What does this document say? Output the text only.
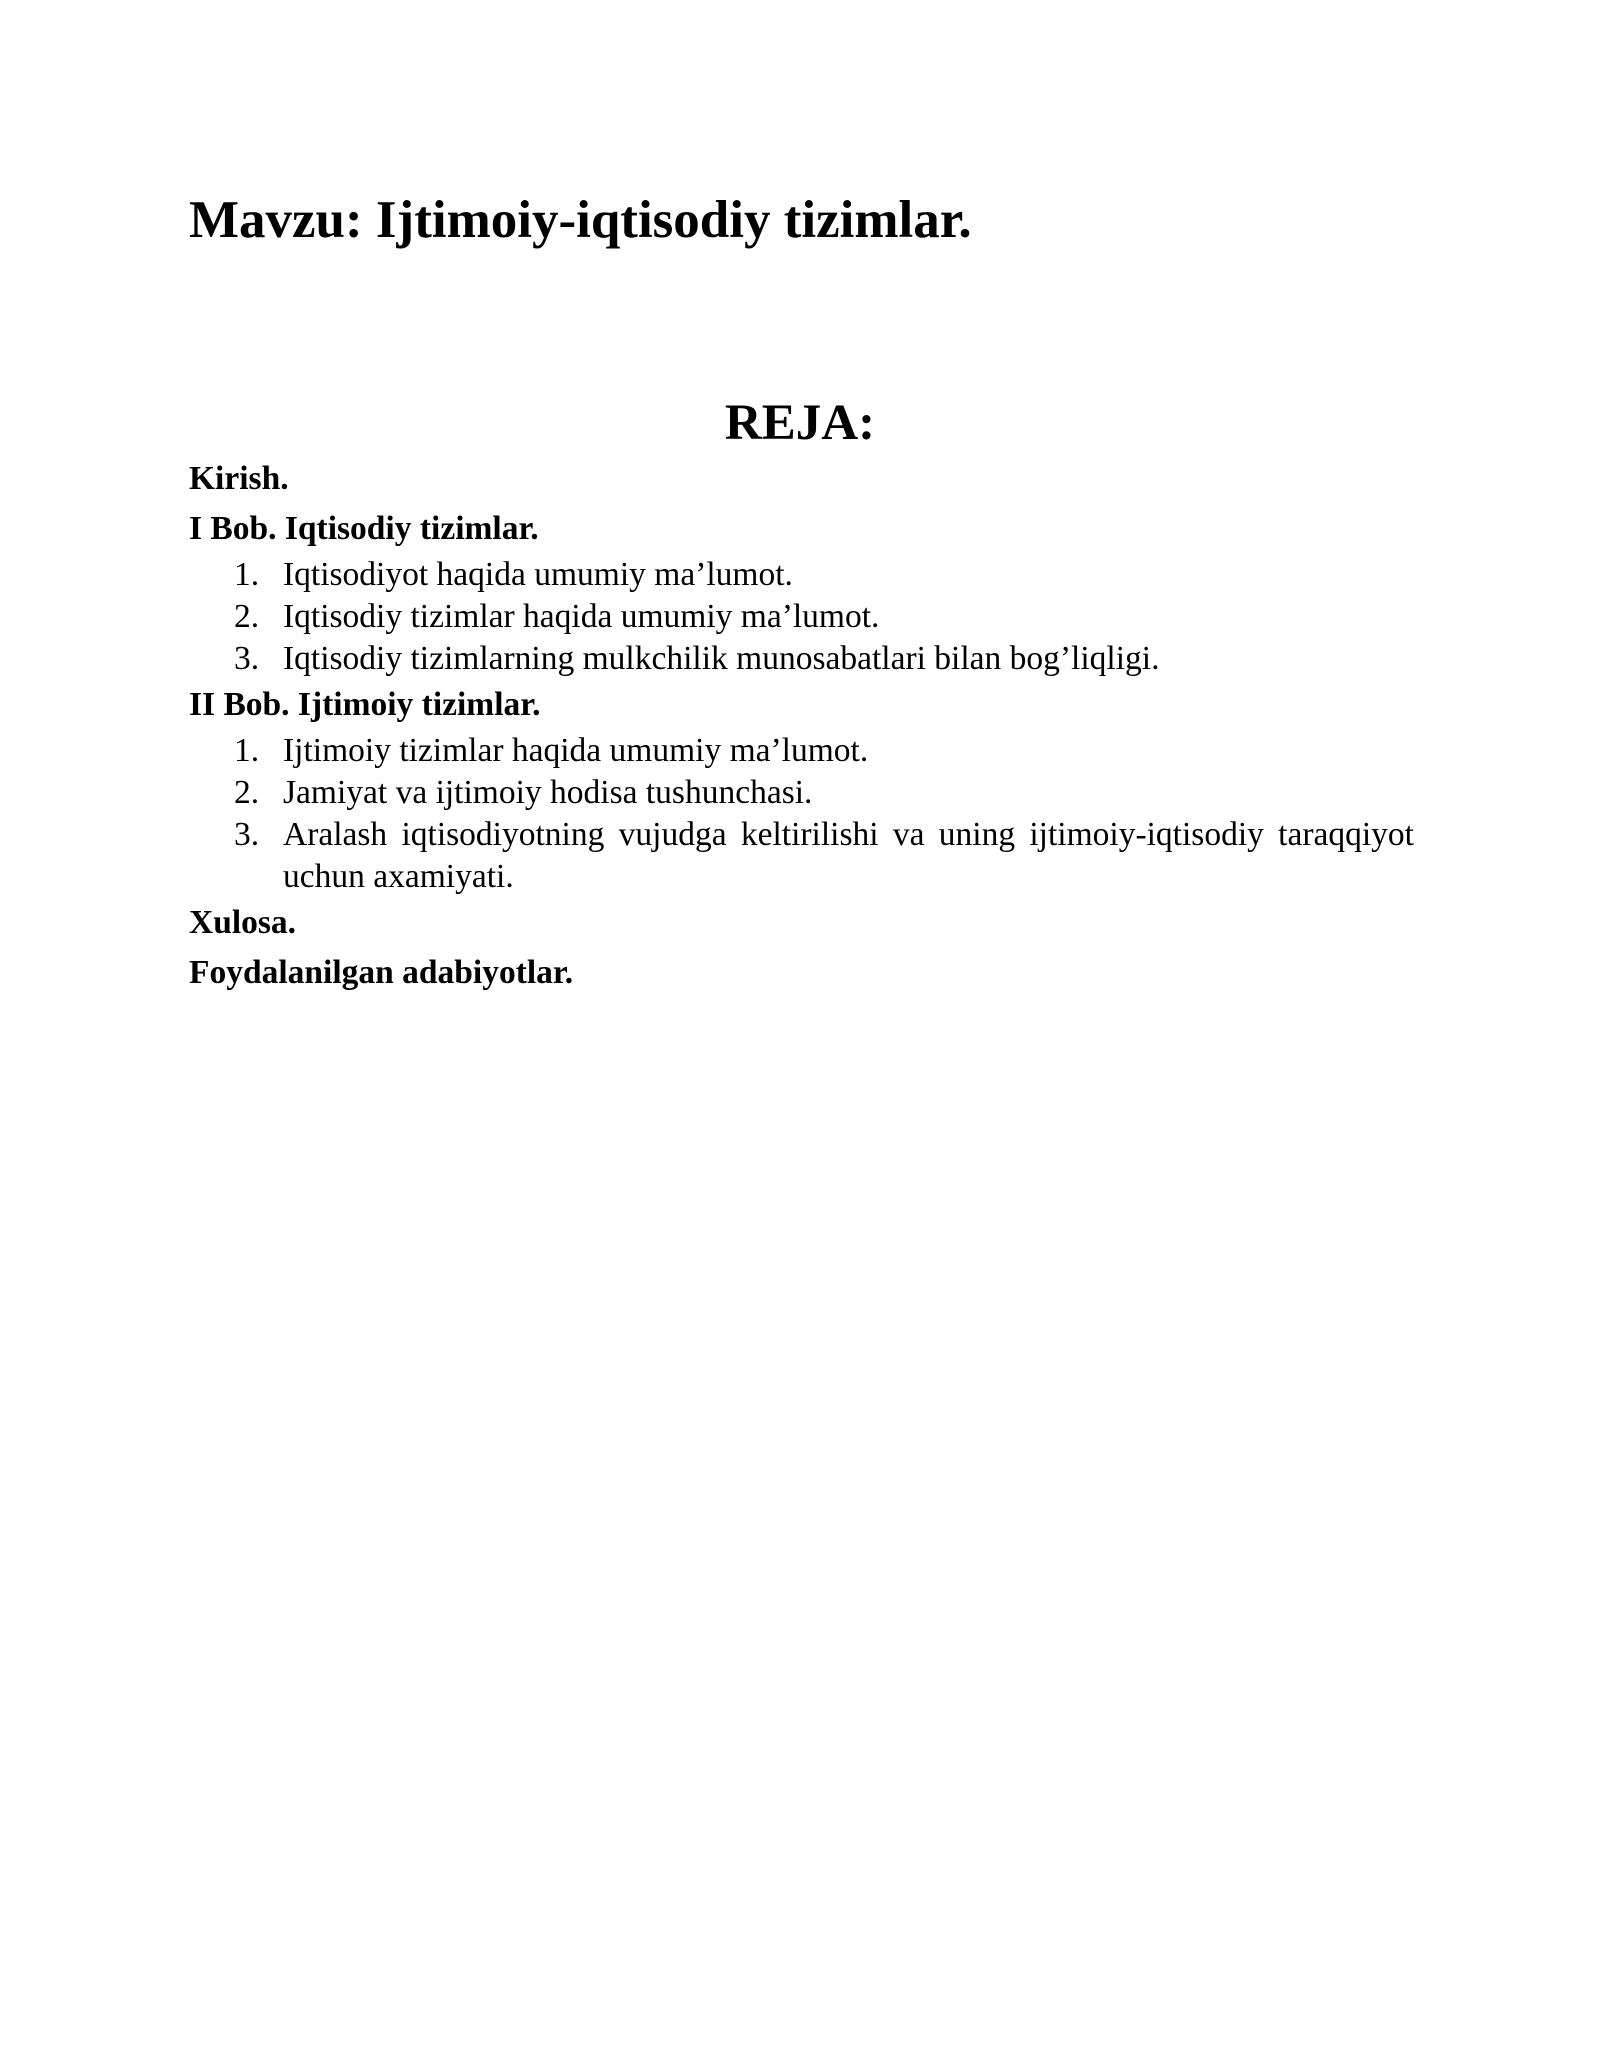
Mavzu: Ijtimoiy-iqtisodiy tizimlar.
REJA:
Kirish.
I Bob. Iqtisodiy tizimlar.
1. Iqtisodiyot haqida umumiy ma’lumot.
2. Iqtisodiy tizimlar haqida umumiy ma’lumot.
3. Iqtisodiy tizimlarning mulkchilik munosabatlari bilan bog’liqligi.
II Bob. Ijtimoiy tizimlar.
1. Ijtimoiy tizimlar haqida umumiy ma’lumot.
2. Jamiyat va ijtimoiy hodisa tushunchasi.
3. Aralash iqtisodiyotning vujudga keltirilishi va uning ijtimoiy-iqtisodiy taraqqiyot uchun axamiyati.
Xulosa.
Foydalanilgan adabiyotlar.
